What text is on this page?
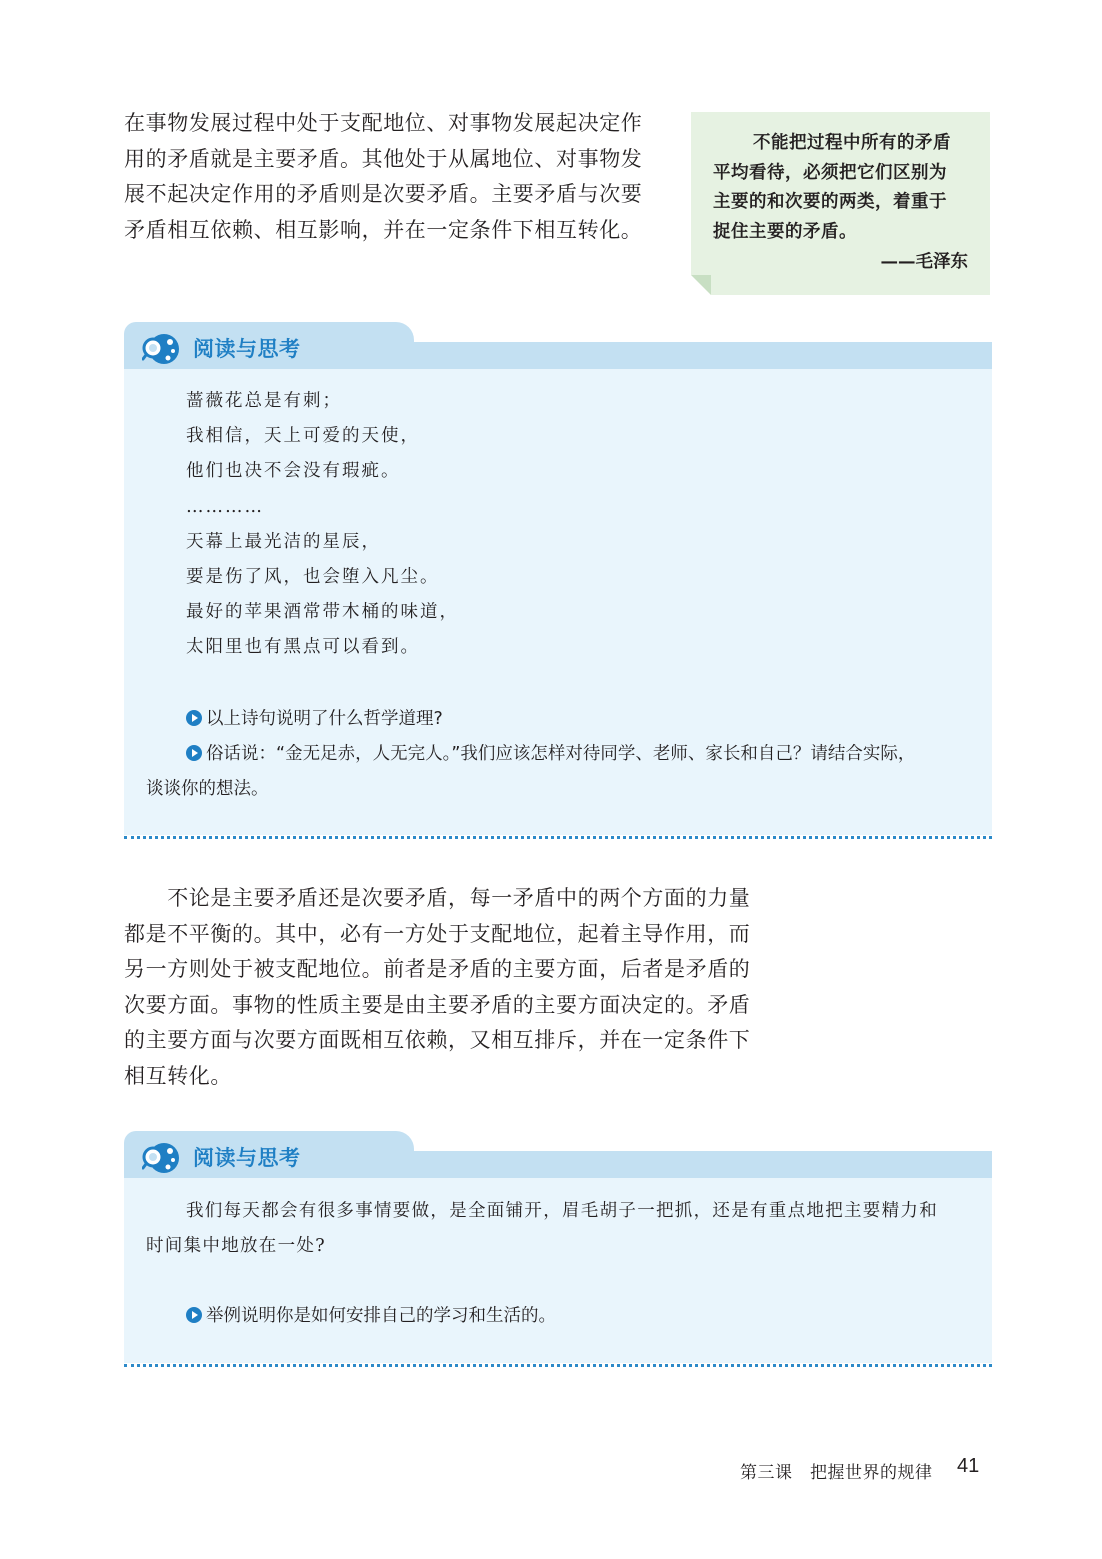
在事物发展过程中处于支配地位、对事物发展起决定作
用的矛盾就是主要矛盾。其他处于从属地位、对事物发
展不起决定作用的矛盾则是次要矛盾。主要矛盾与次要
矛盾相互依赖、相互影响，并在一定条件下相互转化。
不能把过程中所有的矛盾
平均看待，必须把它们区别为
主要的和次要的两类，着重于
捉住主要的矛盾。
——毛泽东
阅读与思考
蔷薇花总是有刺；
我相信，天上可爱的天使，
他们也决不会没有瑕疵。
…………
天幕上最光洁的星辰，
要是伤了风，也会堕入凡尘。
最好的苹果酒常带木桶的味道，
太阳里也有黑点可以看到。
以上诗句说明了什么哲学道理?
俗话说：“金无足赤，人无完人。”我们应该怎样对待同学、老师、家长和自己？请结合实际，
谈谈你的想法。
　　不论是主要矛盾还是次要矛盾，每一矛盾中的两个方面的力量
都是不平衡的。其中，必有一方处于支配地位，起着主导作用，而
另一方则处于被支配地位。前者是矛盾的主要方面，后者是矛盾的
次要方面。事物的性质主要是由主要矛盾的主要方面决定的。矛盾
的主要方面与次要方面既相互依赖，又相互排斥，并在一定条件下
相互转化。
阅读与思考
我们每天都会有很多事情要做，是全面铺开，眉毛胡子一把抓，还是有重点地把主要精力和
时间集中地放在一处?
举例说明你是如何安排自己的学习和生活的。
第三课　把握世界的规律 41
